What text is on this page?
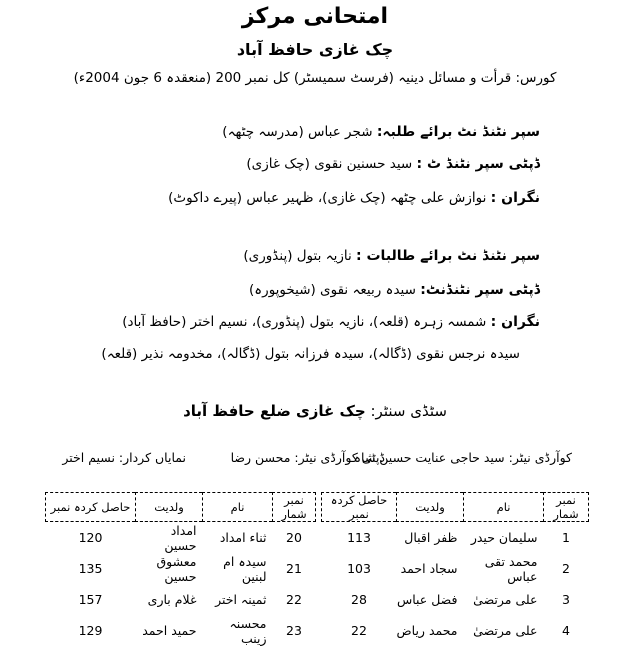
امتحانی مرکز
چک غازی حافظ آباد
کورس: قرأت و مسائل دینیہ (فرسٹ سمیسٹر) کل نمبر 200 (منعقدہ 6 جون 2004ء)
سپر نٹنڈ نٹ برائے طلبہ: شجر عباس (مدرسہ چٹھہ)
ڈپٹی سپر نٹنڈ ٹ : سید حسنین نقوی (چک غازی)
نگران : نوازش علی چٹھہ (چک غازی)، ظہیر عباس (پیرے داکوٹ)
سپر نٹنڈ نٹ برائے طالبات : نازیہ بتول (پنڈوری)
ڈپٹی سپر نٹنڈنٹ: سیدہ ربیعہ نقوی (شیخوپورہ)
نگران : شمسہ زہرہ (قلعہ)، نازیہ بتول (پنڈوری)، نسیم اختر (حافظ آباد)
سیدہ نرجس نقوی (ڈگالہ)، سیدہ فرزانہ بتول (ڈگالہ)، مخدومہ نذیر (قلعہ)
سٹڈی سنٹر: چک غازی ضلع حافظ آباد
کوآرڈی نیٹر: سید حاجی عنایت حسین شاہ
ڈپٹی کوآرڈی نیٹر: محسن رضا
نمایاں کردار: نسیم اختر
نمبر شمار	نام	ولدیت	حاصل کردہ نمبر
1	سلیمان حیدر	ظفر اقبال	113
2	محمد تقی عباس	سجاد احمد	103
3	علی مرتضیٰ	فضل عباس	28
4	علی مرتضیٰ	محمد ریاض	22
نمبر شمار	نام	ولدیت	حاصل کردہ نمبر
20	ثناء امداد	امداد حسین	120
21	سیدہ ام لبنین	معشوق حسین	135
22	ثمینہ اختر	غلام باری	157
23	محسنہ زینب	حمید احمد	129
